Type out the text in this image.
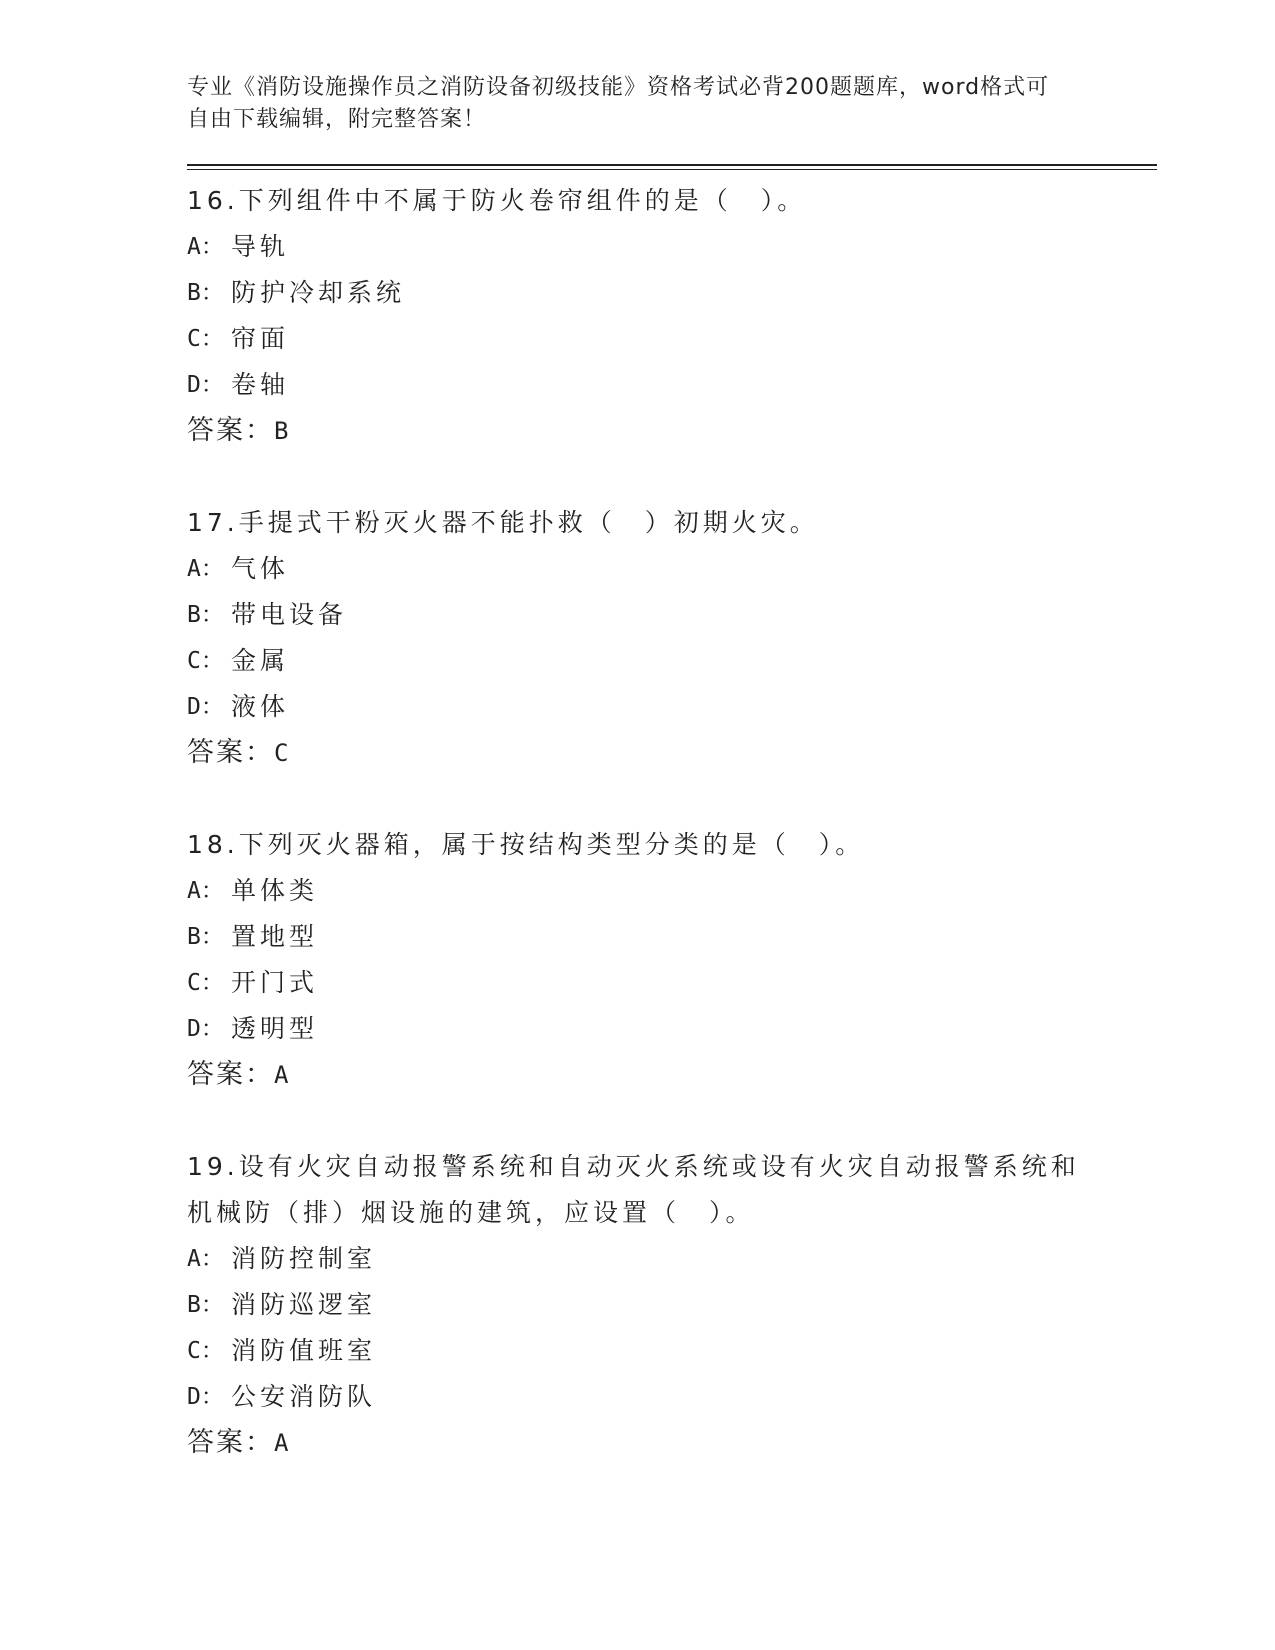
专业《消防设施操作员之消防设备初级技能》资格考试必背200题题库，word格式可自由下载编辑，附完整答案！

16.下列组件中不属于防火卷帘组件的是（　）。

A： 导轨

B： 防护冷却系统

C： 帘面

D： 卷轴

答案：B

17.手提式干粉灭火器不能扑救（　）初期火灾。

A： 气体

B： 带电设备

C： 金属

D： 液体

答案：C

18.下列灭火器箱，属于按结构类型分类的是（　）。

A： 单体类

B： 置地型

C： 开门式

D： 透明型

答案：A

19.设有火灾自动报警系统和自动灭火系统或设有火灾自动报警系统和机械防（排）烟设施的建筑，应设置（　）。

A： 消防控制室

B： 消防巡逻室

C： 消防值班室

D： 公安消防队

答案：A
